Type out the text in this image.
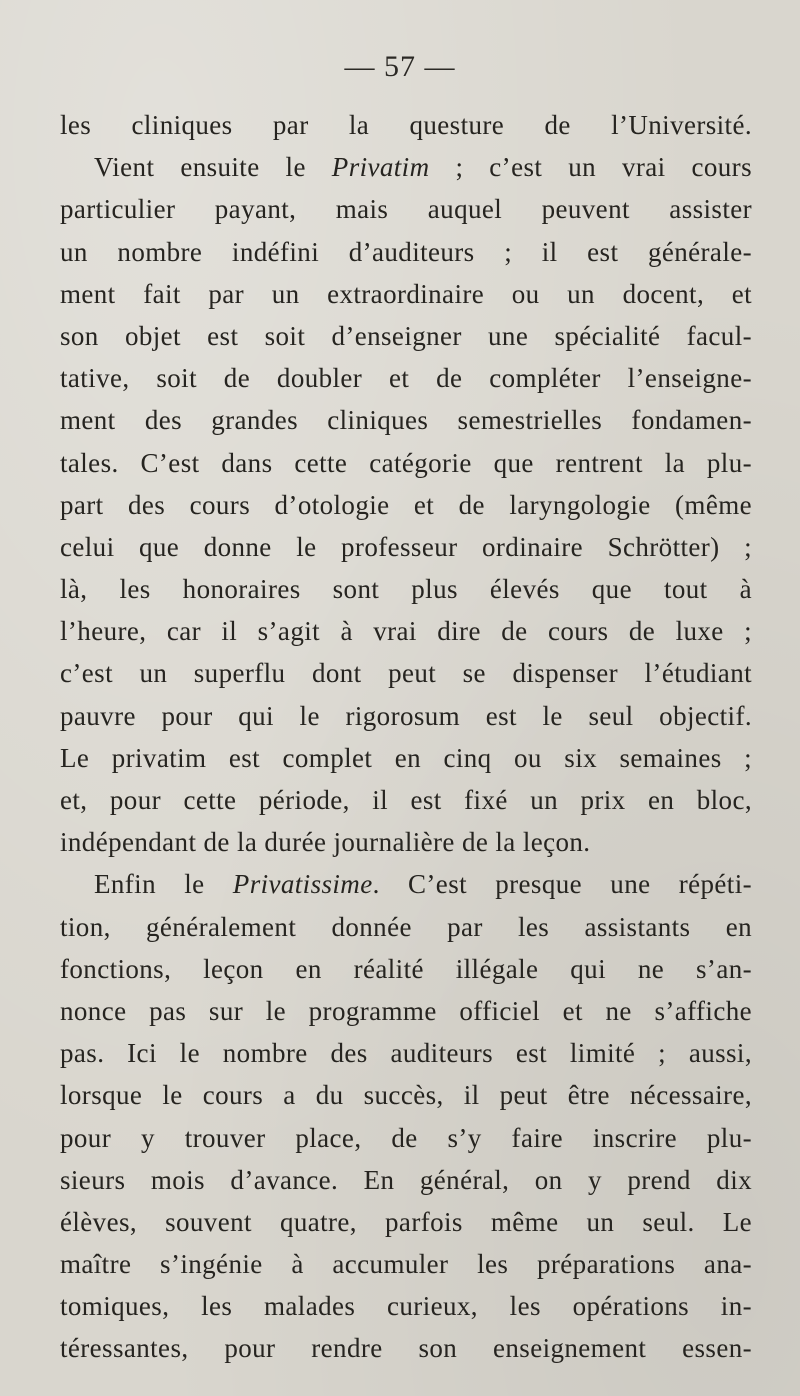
— 57 —
les cliniques par la questure de l’Université.
Vient ensuite le Privatim ; c’est un vrai cours
particulier payant, mais auquel peuvent assister
un nombre indéfini d’auditeurs ; il est générale-
ment fait par un extraordinaire ou un docent, et
son objet est soit d’enseigner une spécialité facul-
tative, soit de doubler et de compléter l’enseigne-
ment des grandes cliniques semestrielles fondamen-
tales. C’est dans cette catégorie que rentrent la plu-
part des cours d’otologie et de laryngologie (même
celui que donne le professeur ordinaire Schrötter) ;
là, les honoraires sont plus élevés que tout à
l’heure, car il s’agit à vrai dire de cours de luxe ;
c’est un superflu dont peut se dispenser l’étudiant
pauvre pour qui le rigorosum est le seul objectif.
Le privatim est complet en cinq ou six semaines ;
et, pour cette période, il est fixé un prix en bloc,
indépendant de la durée journalière de la leçon.
Enfin le Privatissime. C’est presque une répéti-
tion, généralement donnée par les assistants en
fonctions, leçon en réalité illégale qui ne s’an-
nonce pas sur le programme officiel et ne s’affiche
pas. Ici le nombre des auditeurs est limité ; aussi,
lorsque le cours a du succès, il peut être nécessaire,
pour y trouver place, de s’y faire inscrire plu-
sieurs mois d’avance. En général, on y prend dix
élèves, souvent quatre, parfois même un seul. Le
maître s’ingénie à accumuler les préparations ana-
tomiques, les malades curieux, les opérations in-
téressantes, pour rendre son enseignement essen-
